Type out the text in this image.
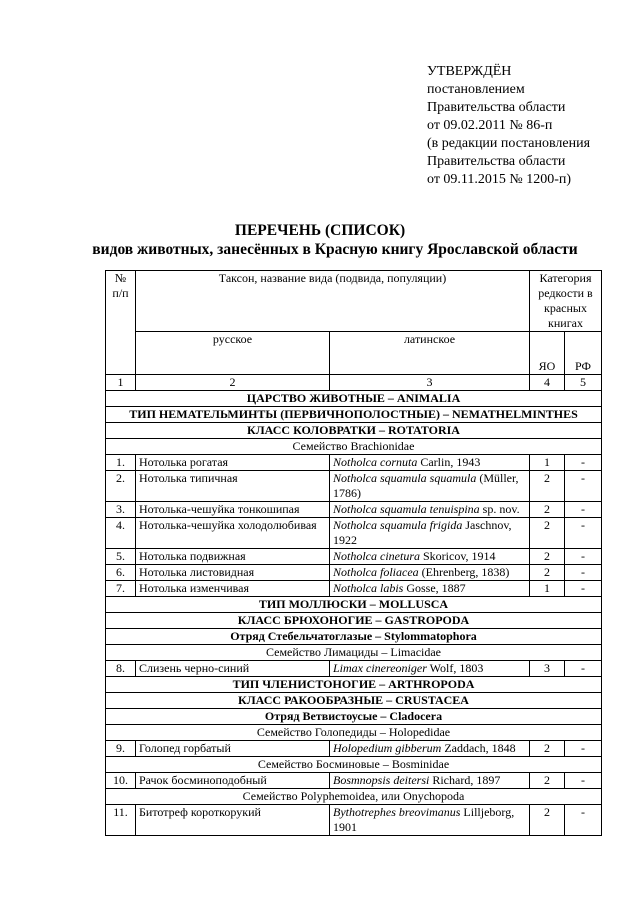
УТВЕРЖДЁН
постановлением
Правительства области
от 09.02.2011 № 86-п
(в редакции постановления
Правительства области
от 09.11.2015 № 1200-п)
ПЕРЕЧЕНЬ (СПИСОК)
видов животных, занесённых в Красную книгу Ярославской области
№ п/п	Таксон, название вида (подвида, популяции)		Категория редкости в красных книгах	
	русское	латинское	ЯО	РФ
1	2	3	4	5
ЦАРСТВО ЖИВОТНЫЕ – ANIMALIA				
ТИП НЕМАТЕЛЬМИНТЫ (ПЕРВИЧНОПОЛОСТНЫЕ) – NEMATHELMINTHES				
КЛАСС КОЛОВРАТКИ – ROTATORIA				
Семейство Brachionidae				
1.	Нотолька рогатая	Notholca cornuta Carlin, 1943	1	-
2.	Нотолька типичная	Notholca squamula squamula (Müller, 1786)	2	-
3.	Нотолька-чешуйка тонкошипая	Notholca squamula tenuispina sp. nov.	2	-
4.	Нотолька-чешуйка холодолюбивая	Notholca squamula frigida Jaschnov, 1922	2	-
5.	Нотолька подвижная	Notholca cinetura Skoricov, 1914	2	-
6.	Нотолька листовидная	Notholca foliacea (Ehrenberg, 1838)	2	-
7.	Нотолька изменчивая	Notholca labis Gosse, 1887	1	-
ТИП МОЛЛЮСКИ – MOLLUSCA				
КЛАСС БРЮХОНОГИЕ – GASTROPODA				
Отряд Стебельчатоглазые – Stylommatophora				
Семейство Лимациды – Limacidae				
8.	Слизень черно-синий	Limax cinereoniger Wolf, 1803	3	-
ТИП ЧЛЕНИСТОНОГИЕ – ARTHROPODA				
КЛАСС РАКООБРАЗНЫЕ – CRUSTACEA				
Отряд Ветвистоусые – Cladocera				
Семейство Голопедиды – Holopedidae				
9.	Голопед горбатый	Holopedium gibberum Zaddach, 1848	2	-
Семейство Босминовые – Bosminidae				
10.	Рачок босминоподобный	Bosmnopsis deitersi Richard, 1897	2	-
Семейство Polyphemoidea, или Onychopoda				
11.	Битотреф короткорукий	Bythotrephes breovimanus Lilljeborg, 1901	2	-
